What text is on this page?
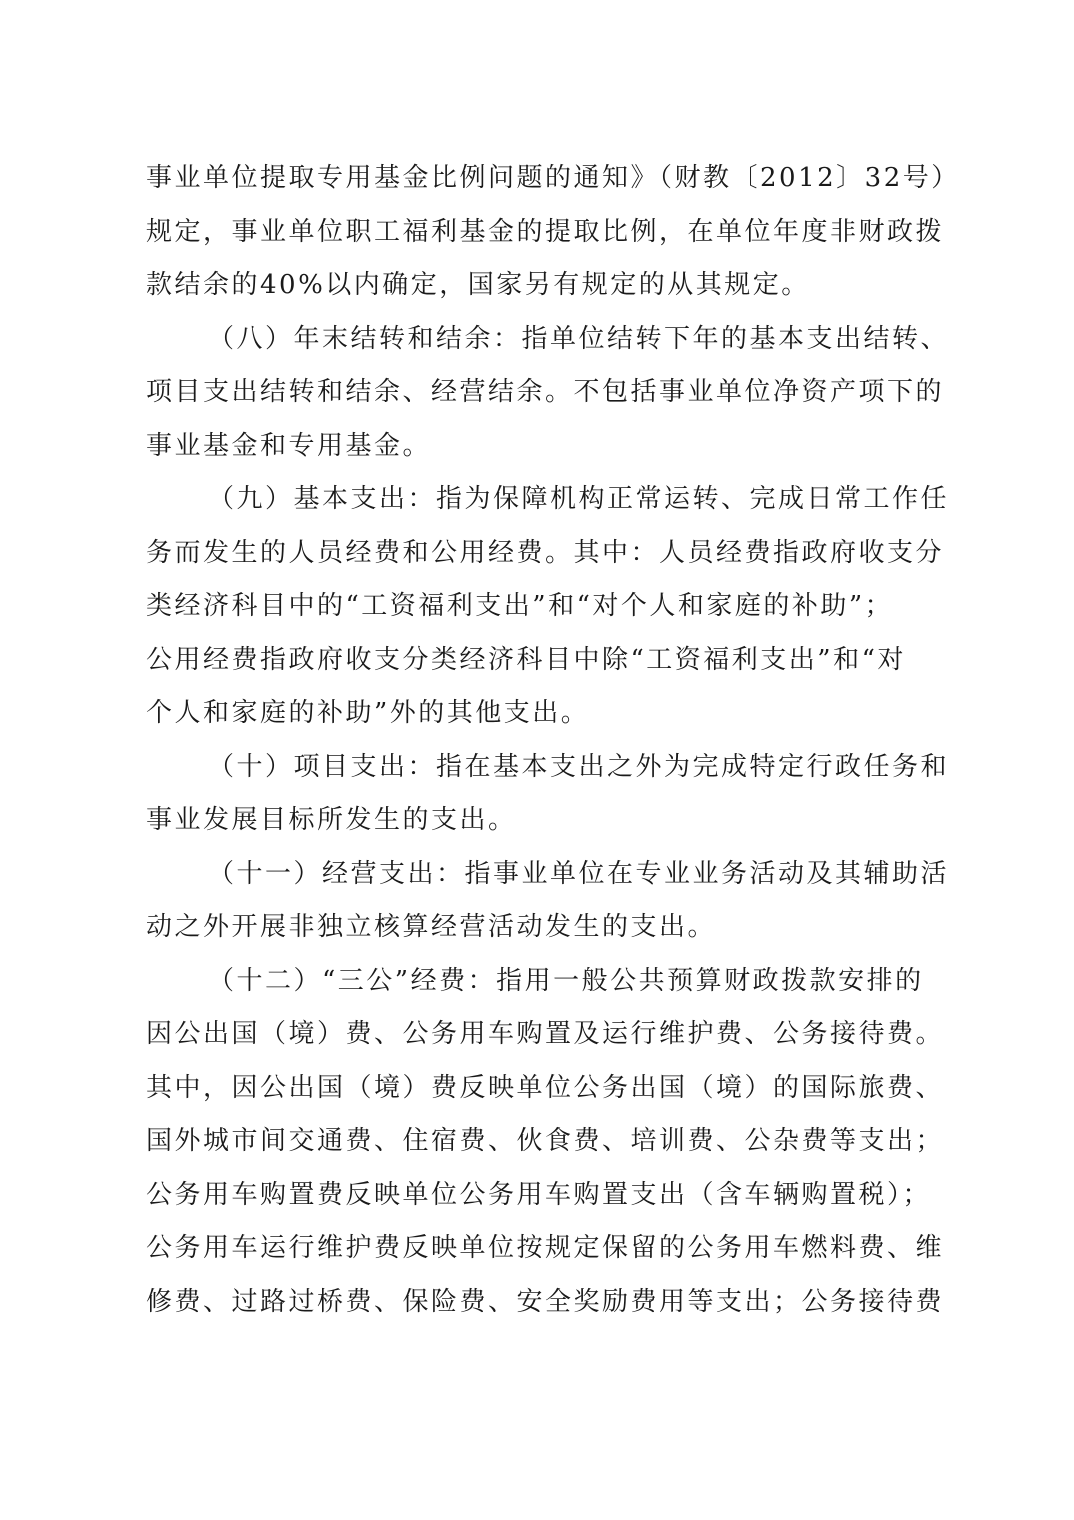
事业单位提取专用基金比例问题的通知》（财教〔2012〕32号）
规定，事业单位职工福利基金的提取比例，在单位年度非财政拨
款结余的40%以内确定，国家另有规定的从其规定。
（八）年末结转和结余：指单位结转下年的基本支出结转、
项目支出结转和结余、经营结余。不包括事业单位净资产项下的
事业基金和专用基金。
（九）基本支出：指为保障机构正常运转、完成日常工作任
务而发生的人员经费和公用经费。其中：人员经费指政府收支分
类经济科目中的“工资福利支出”和“对个人和家庭的补助”；
公用经费指政府收支分类经济科目中除“工资福利支出”和“对
个人和家庭的补助”外的其他支出。
（十）项目支出：指在基本支出之外为完成特定行政任务和
事业发展目标所发生的支出。
（十一）经营支出：指事业单位在专业业务活动及其辅助活
动之外开展非独立核算经营活动发生的支出。
（十二）“三公”经费：指用一般公共预算财政拨款安排的
因公出国（境）费、公务用车购置及运行维护费、公务接待费。
其中，因公出国（境）费反映单位公务出国（境）的国际旅费、
国外城市间交通费、住宿费、伙食费、培训费、公杂费等支出；
公务用车购置费反映单位公务用车购置支出（含车辆购置税）；
公务用车运行维护费反映单位按规定保留的公务用车燃料费、维
修费、过路过桥费、保险费、安全奖励费用等支出；公务接待费
